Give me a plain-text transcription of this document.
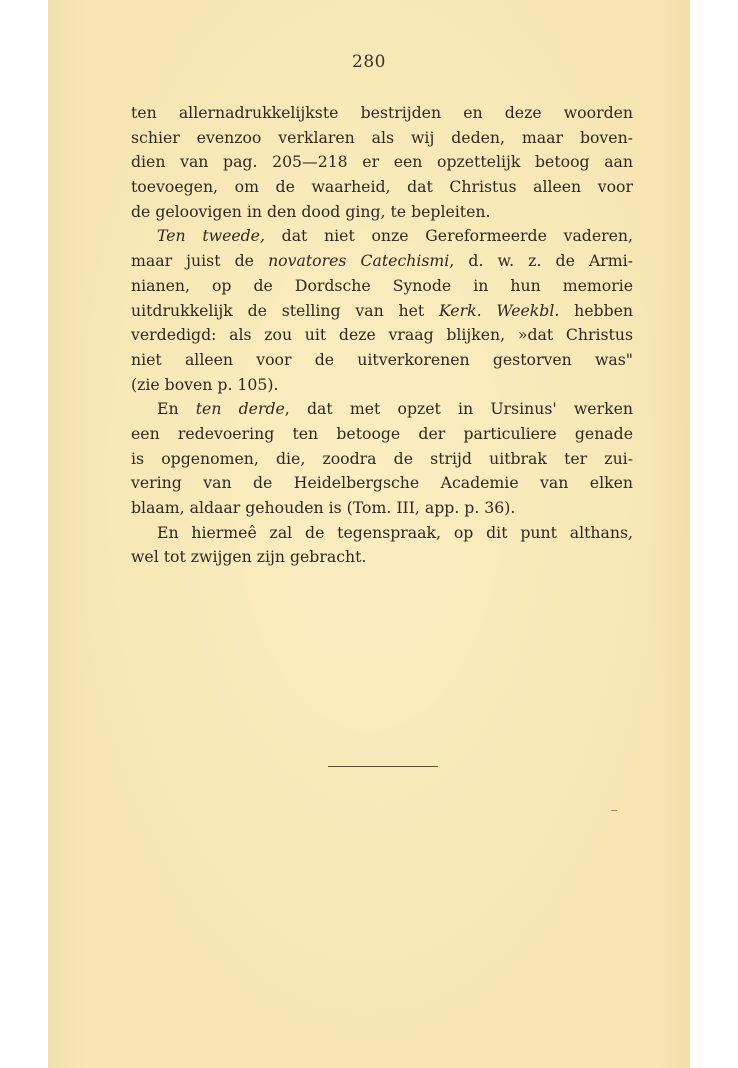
280
ten allernadrukkelijkste bestrijden en deze woorden
schier evenzoo verklaren als wij deden, maar boven-
dien van pag. 205—218 er een opzettelijk betoog aan
toevoegen, om de waarheid, dat Christus alleen voor
de geloovigen in den dood ging, te bepleiten.
Ten tweede, dat niet onze Gereformeerde vaderen,
maar juist de novatores Catechismi, d. w. z. de Armi-
nianen, op de Dordsche Synode in hun memorie
uitdrukkelijk de stelling van het Kerk. Weekbl. hebben
verdedigd: als zou uit deze vraag blijken, »dat Christus
niet alleen voor de uitverkorenen gestorven was"
(zie boven p. 105).
En ten derde, dat met opzet in Ursinus' werken
een redevoering ten betooge der particuliere genade
is opgenomen, die, zoodra de strijd uitbrak ter zui-
vering van de Heidelbergsche Academie van elken
blaam, aldaar gehouden is (Tom. III, app. p. 36).
En hiermeê zal de tegenspraak, op dit punt althans,
wel tot zwijgen zijn gebracht.
